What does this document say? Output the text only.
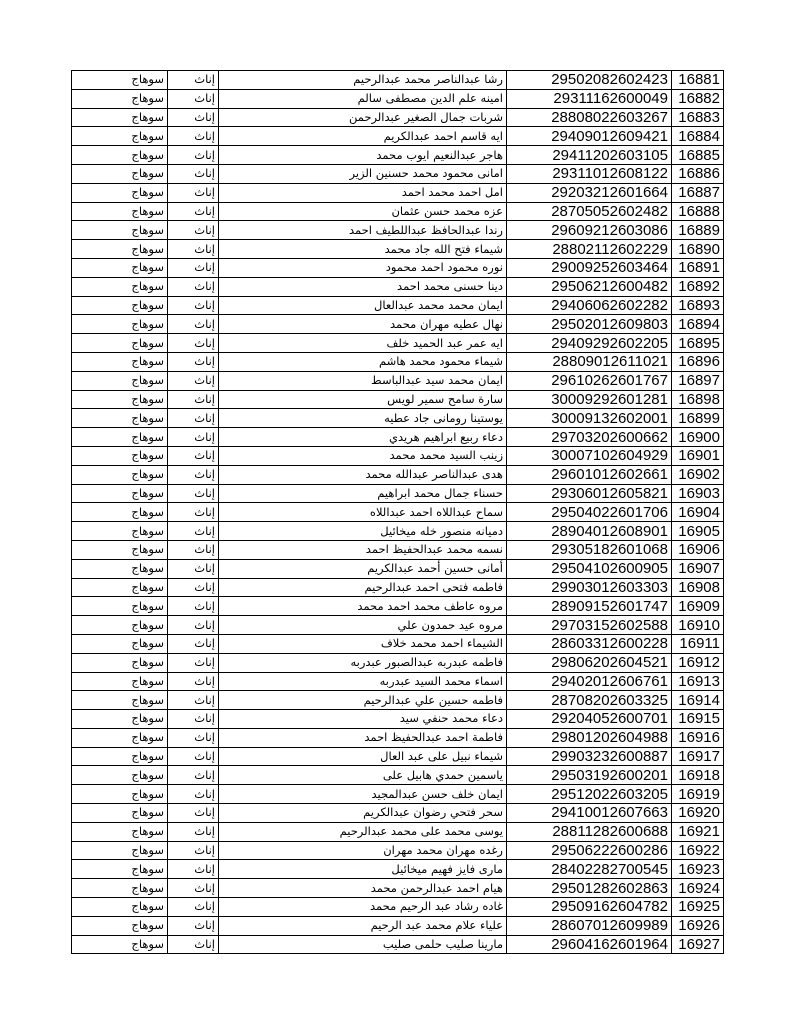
16881	29502082602423	رشا عبدالناصر محمد عبدالرحيم	إناث	سوهاج
16882	29311162600049	امينه علم الدين مصطفى سالم	إناث	سوهاج
16883	28808022603267	شربات جمال الصغير عبدالرحمن	إناث	سوهاج
16884	29409012609421	ايه قاسم احمد عبدالكريم	إناث	سوهاج
16885	29411202603105	هاجر عبدالنعيم ايوب محمد	إناث	سوهاج
16886	29311012608122	امانى محمود محمد حسنين الزير	إناث	سوهاج
16887	29203212601664	امل احمد محمد احمد	إناث	سوهاج
16888	28705052602482	عزه محمد حسن عثمان	إناث	سوهاج
16889	29609212603086	رندا عبدالحافظ عبداللطيف احمد	إناث	سوهاج
16890	28802112602229	شيماء فتح الله جاد محمد	إناث	سوهاج
16891	29009252603464	نوره محمود احمد محمود	إناث	سوهاج
16892	29506212600482	دينا حسنى محمد احمد	إناث	سوهاج
16893	29406062602282	ايمان محمد محمد عبدالعال	إناث	سوهاج
16894	29502012609803	نهال عطيه مهران محمد	إناث	سوهاج
16895	29409292602205	ايه عمر عبد الحميد خلف	إناث	سوهاج
16896	28809012611021	شيماء محمود محمد هاشم	إناث	سوهاج
16897	29610262601767	ايمان محمد سيد عبدالباسط	إناث	سوهاج
16898	30009292601281	سارة سامح سمير لويس	إناث	سوهاج
16899	30009132602001	يوستينا رومانى جاد عطيه	إناث	سوهاج
16900	29703202600662	دعاء ربيع ابراهيم هريدي	إناث	سوهاج
16901	30007102604929	زينب السيد محمد محمد	إناث	سوهاج
16902	29601012602661	هدى عبدالناصر عبدالله محمد	إناث	سوهاج
16903	29306012605821	حسناء جمال محمد ابراهيم	إناث	سوهاج
16904	29504022601706	سماح عبداللاه احمد عبداللاه	إناث	سوهاج
16905	28904012608901	دميانه منصور خله ميخائيل	إناث	سوهاج
16906	29305182601068	نسمه محمد عبدالحفيظ احمد	إناث	سوهاج
16907	29504102600905	أمانى حسين أحمد عبدالكريم	إناث	سوهاج
16908	29903012603303	فاطمه فتحى احمد عبدالرحيم	إناث	سوهاج
16909	28909152601747	مروه عاطف محمد احمد محمد	إناث	سوهاج
16910	29703152602588	مروه عيد حمدون علي	إناث	سوهاج
16911	28603312600228	الشيماء احمد محمد خلاف	إناث	سوهاج
16912	29806202604521	فاطمه عبدربه عبدالصبور عبدربه	إناث	سوهاج
16913	29402012606761	اسماء محمد السيد عبدربه	إناث	سوهاج
16914	28708202603325	فاطمه حسين علي عبدالرحيم	إناث	سوهاج
16915	29204052600701	دعاء محمد حنفي سيد	إناث	سوهاج
16916	29801202604988	فاطمة احمد عبدالحفيظ احمد	إناث	سوهاج
16917	29903232600887	شيماء نبيل على عبد العال	إناث	سوهاج
16918	29503192600201	ياسمين حمدي هابيل على	إناث	سوهاج
16919	29512022603205	ايمان خلف حسن عبدالمجيد	إناث	سوهاج
16920	29410012607663	سحر فتحي رضوان عبدالكريم	إناث	سوهاج
16921	28811282600688	يوسى محمد على محمد عبدالرحيم	إناث	سوهاج
16922	29506222600286	رغده مهران محمد مهران	إناث	سوهاج
16923	28402282700545	مارى فايز فهيم ميخائيل	إناث	سوهاج
16924	29501282602863	هيام احمد عبدالرحمن محمد	إناث	سوهاج
16925	29509162604782	غاده رشاد عبد الرحيم محمد	إناث	سوهاج
16926	28607012609989	علياء علام محمد عبد الرحيم	إناث	سوهاج
16927	29604162601964	مارينا صليب حلمى صليب	إناث	سوهاج
